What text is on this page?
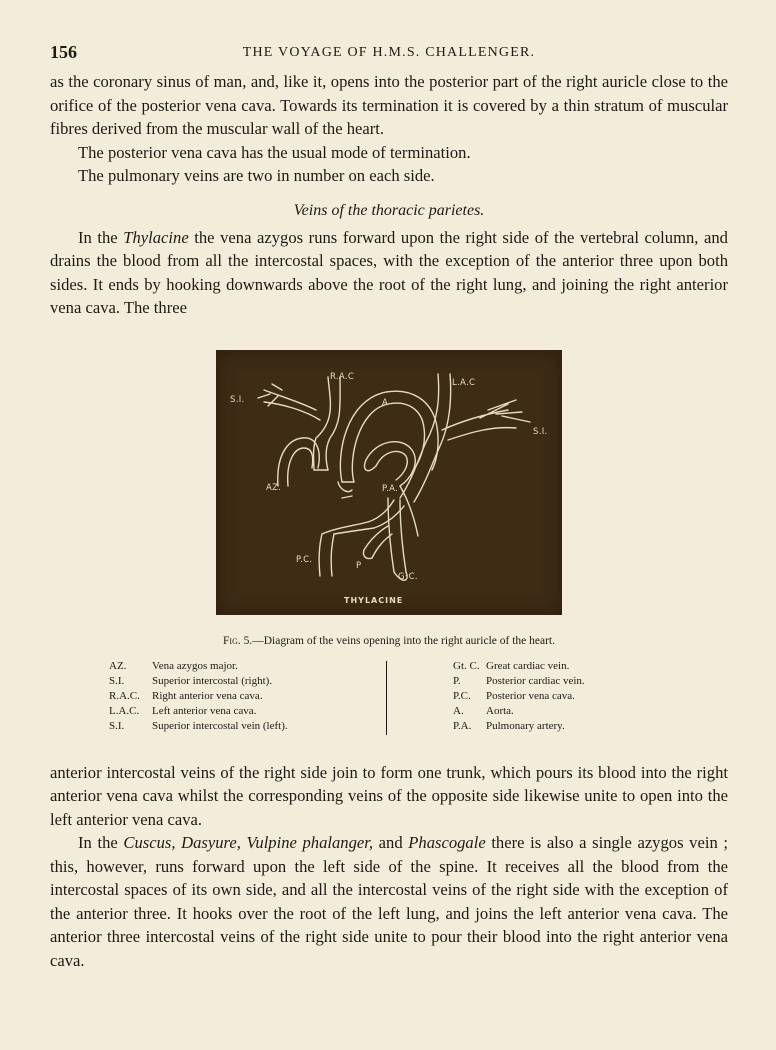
156	THE VOYAGE OF H.M.S. CHALLENGER.

as the coronary sinus of man, and, like it, opens into the posterior part of the right auricle close to the orifice of the posterior vena cava. Towards its termination it is covered by a thin stratum of muscular fibres derived from the muscular wall of the heart.

The posterior vena cava has the usual mode of termination.

The pulmonary veins are two in number on each side.

Veins of the thoracic parietes.

In the Thylacine the vena azygos runs forward upon the right side of the vertebral column, and drains the blood from all the intercostal spaces, with the exception of the anterior three upon both sides. It ends by hooking downwards above the root of the right lung, and joining the right anterior vena cava. The three

R.A.C
L.A.C
S.I.
S.I.
A
AZ.	P.A.
P.C.
P
G¹C.
THYLACINE
Fig. 5.—Diagram of the veins opening into the right auricle of the heart.
AZ. Vena azygos major.
S.I.	Superior intercostal (right).
R.A.C. Right anterior vena cava.
L.A.C. Left anterior vena cava.
S.I.	Superior intercostal vein (left).
Gt. C. Great cardiac vein.
P. Posterior cardiac vein.
P.C. Posterior vena cava.
A. Aorta.
P.A. Pulmonary artery.

anterior intercostal veins of the right side join to form one trunk, which pours its blood into the right anterior vena cava whilst the corresponding veins of the opposite side likewise unite to open into the left anterior vena cava.

In the Cuscus, Dasyure, Vulpine phalanger, and Phascogale there is also a single azygos vein ; this, however, runs forward upon the left side of the spine. It receives all the blood from the intercostal spaces of its own side, and all the intercostal veins of the right side with the exception of the anterior three. It hooks over the root of the left lung, and joins the left anterior vena cava. The anterior three intercostal veins of the right side unite to pour their blood into the right anterior vena cava.
